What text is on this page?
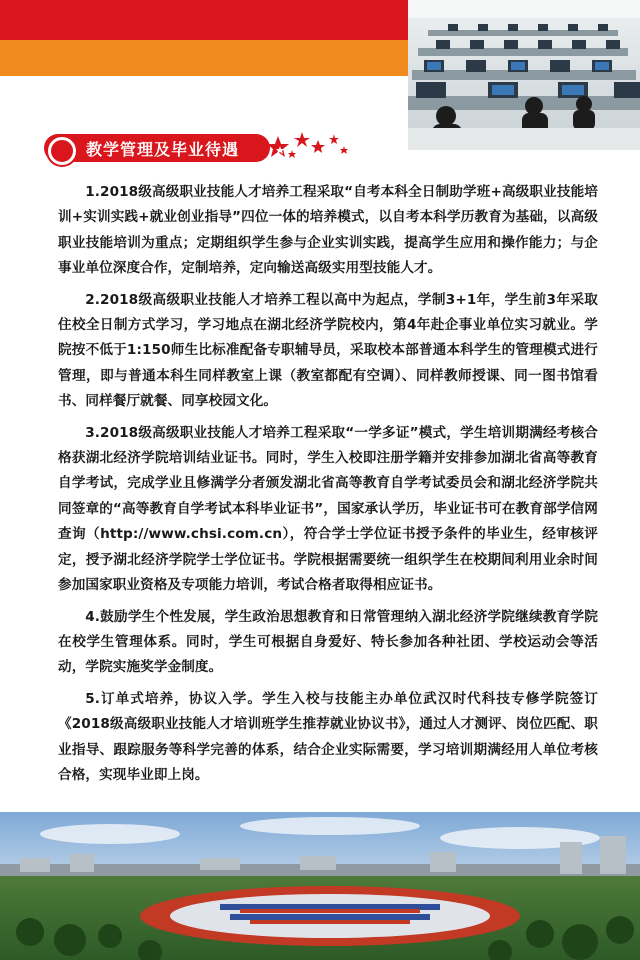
教学管理及毕业待遇

1.2018级高级职业技能人才培养工程采取“自考本科全日制助学班+高级职业技能培训+实训实践+就业创业指导”四位一体的培养模式，以自考本科学历教育为基础，以高级职业技能培训为重点；定期组织学生参与企业实训实践，提高学生应用和操作能力；与企事业单位深度合作，定制培养，定向输送高级实用型技能人才。

2.2018级高级职业技能人才培养工程以高中为起点，学制3+1年，学生前3年采取住校全日制方式学习，学习地点在湖北经济学院校内，第4年赴企事业单位实习就业。学院按不低于1:150师生比标准配备专职辅导员，采取校本部普通本科学生的管理模式进行管理，即与普通本科生同样教室上课（教室都配有空调）、同样教师授课、同一图书馆看书、同样餐厅就餐、同享校园文化。

3.2018级高级职业技能人才培养工程采取“一学多证”模式，学生培训期满经考核合格获湖北经济学院培训结业证书。同时，学生入校即注册学籍并安排参加湖北省高等教育自学考试，完成学业且修满学分者颁发湖北省高等教育自学考试委员会和湖北经济学院共同签章的“高等教育自学考试本科毕业证书”，国家承认学历，毕业证书可在教育部学信网查询（http://www.chsi.com.cn），符合学士学位证书授予条件的毕业生，经审核评定，授予湖北经济学院学士学位证书。学院根据需要统一组织学生在校期间利用业余时间参加国家职业资格及专项能力培训，考试合格者取得相应证书。

4.鼓励学生个性发展，学生政治思想教育和日常管理纳入湖北经济学院继续教育学院在校学生管理体系。同时，学生可根据自身爱好、特长参加各种社团、学校运动会等活动，学院实施奖学金制度。

5.订单式培养，协议入学。学生入校与技能主办单位武汉时代科技专修学院签订《2018级高级职业技能人才培训班学生推荐就业协议书》，通过人才测评、岗位匹配、职业指导、跟踪服务等科学完善的体系，结合企业实际需要，学习培训期满经用人单位考核合格，实现毕业即上岗。
